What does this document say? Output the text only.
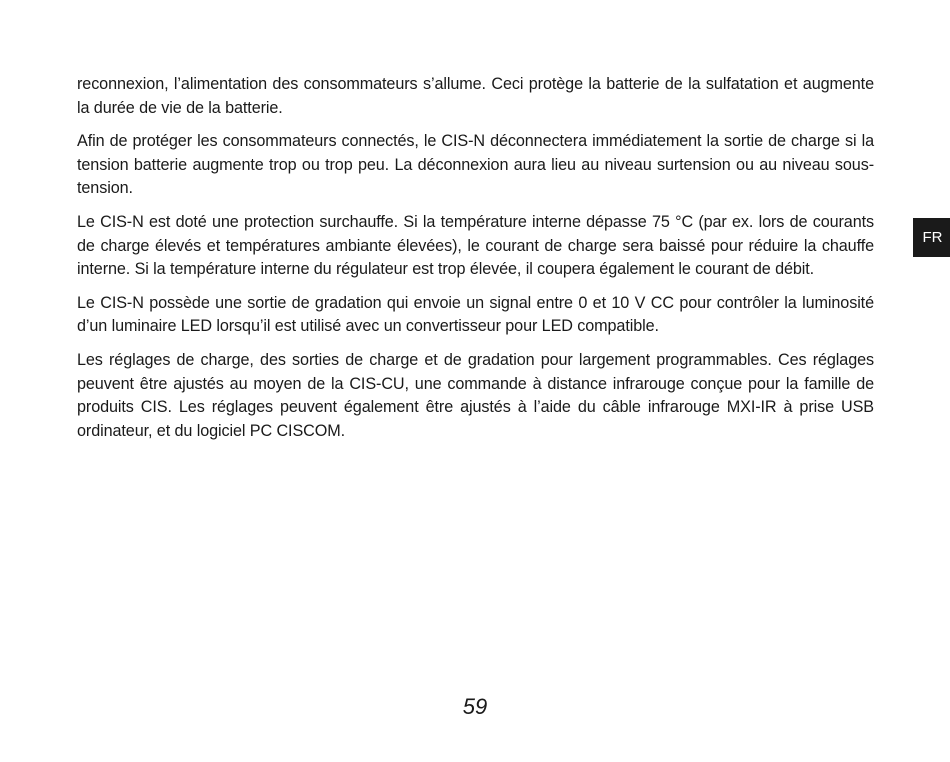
reconnexion, l’alimentation des consommateurs s’allume. Ceci protège la batterie de la sulfatation et augmente la durée de vie de la batterie.

Afin de protéger les consommateurs connectés, le CIS-N déconnectera immédiatement la sortie de charge si la tension batterie augmente trop ou trop peu. La déconnexion aura lieu au niveau surtension ou au niveau sous-tension.

Le CIS-N est doté une protection surchauffe. Si la température interne dépasse 75 °C (par ex. lors de courants de charge élevés et températures ambiante élevées), le courant de charge sera baissé pour réduire la chauffe interne. Si la température interne du régulateur est trop élevée, il coupera également le courant de débit.

Le CIS-N possède une sortie de gradation qui envoie un signal entre 0 et 10 V CC pour contrôler la luminosité d’un luminaire LED lorsqu’il est utilisé avec un convertisseur pour LED compatible.

Les réglages de charge, des sorties de charge et de gradation pour largement programmables. Ces réglages peuvent être ajustés au moyen de la CIS-CU, une commande à distance infrarouge conçue pour la famille de produits CIS. Les réglages peuvent également être ajustés à l’aide du câble infrarouge MXI-IR à prise USB ordinateur, et du logiciel PC CISCOM.

FR
59
